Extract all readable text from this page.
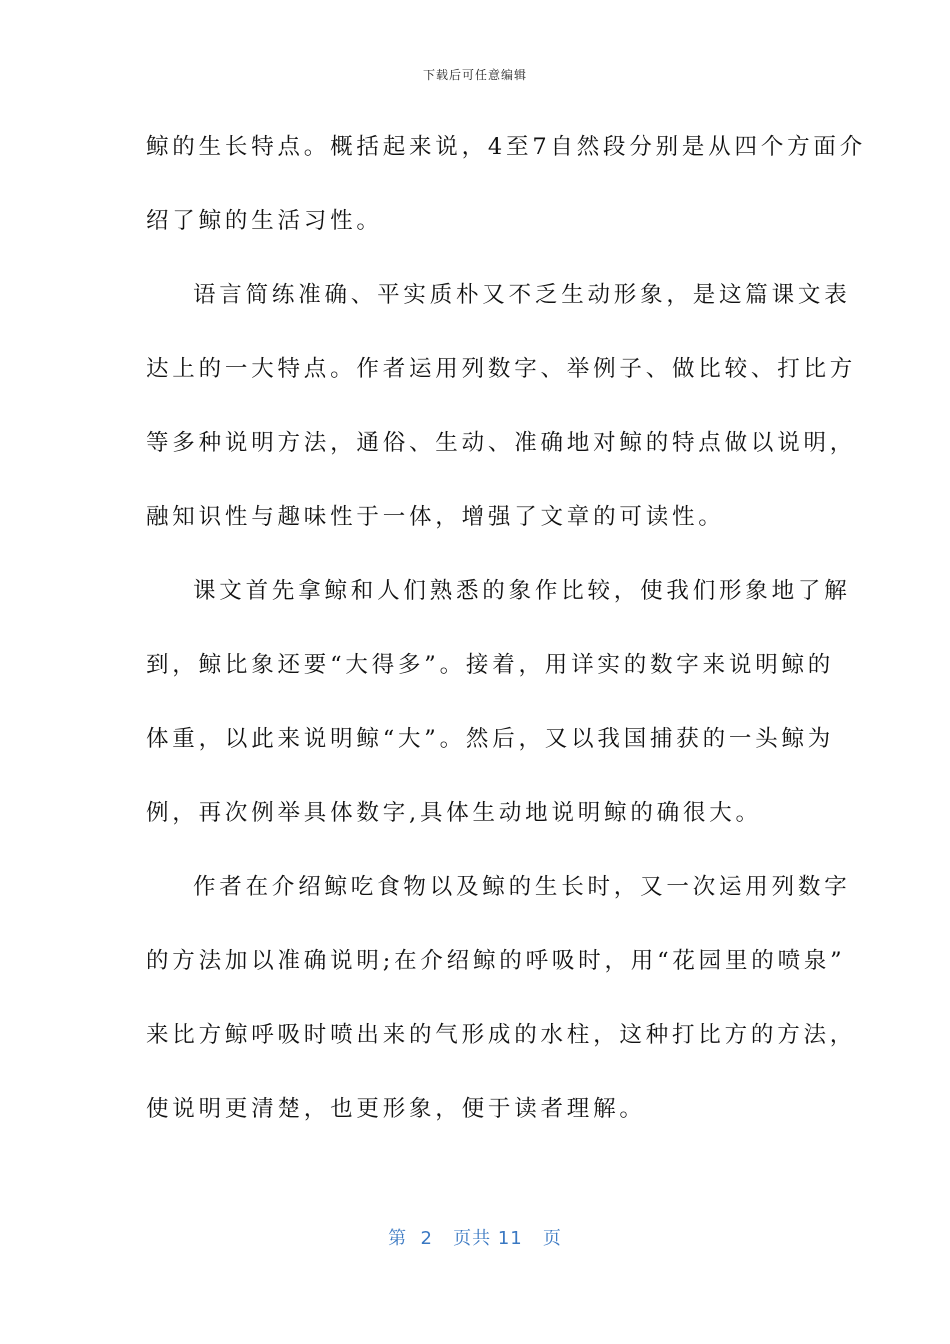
下载后可任意编辑
鲸的生长特点。概括起来说，4至7自然段分别是从四个方面介
绍了鲸的生活习性。
语言简练准确、平实质朴又不乏生动形象，是这篇课文表
达上的一大特点。作者运用列数字、举例子、做比较、打比方
等多种说明方法，通俗、生动、准确地对鲸的特点做以说明，
融知识性与趣味性于一体，增强了文章的可读性。
课文首先拿鲸和人们熟悉的象作比较，使我们形象地了解
到，鲸比象还要“大得多”。接着，用详实的数字来说明鲸的
体重，以此来说明鲸“大”。然后，又以我国捕获的一头鲸为
例，再次例举具体数字,具体生动地说明鲸的确很大。
作者在介绍鲸吃食物以及鲸的生长时，又一次运用列数字
的方法加以准确说明;在介绍鲸的呼吸时，用“花园里的喷泉”
来比方鲸呼吸时喷出来的气形成的水柱，这种打比方的方法，
使说明更清楚，也更形象，便于读者理解。
第  2   页共 11   页
